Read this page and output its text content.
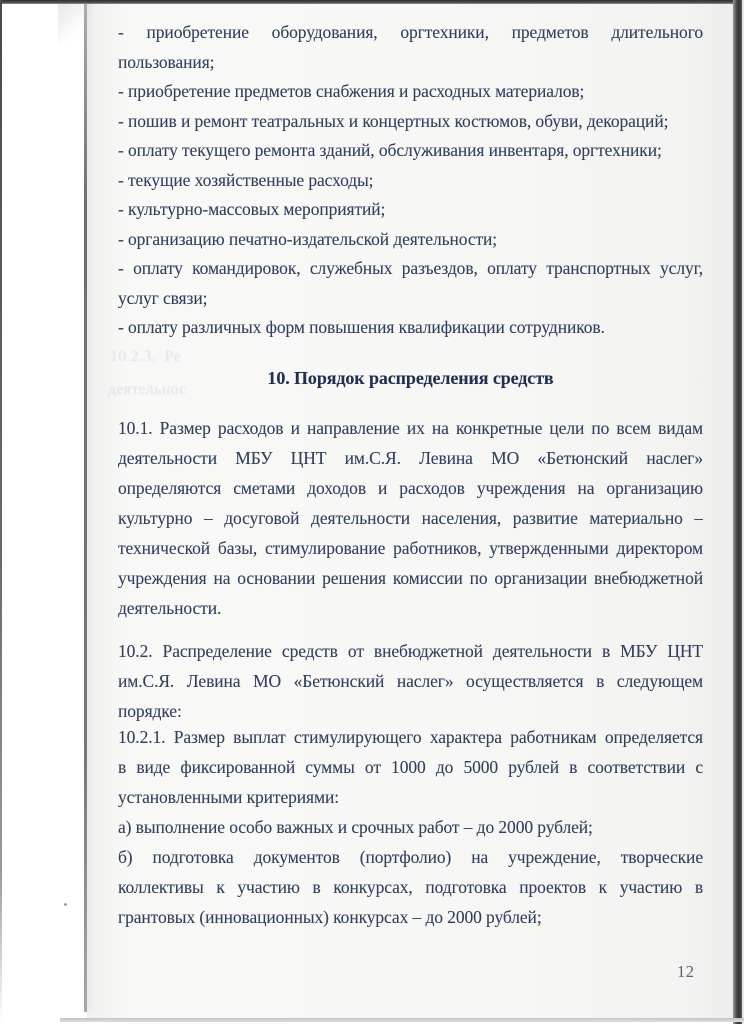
- приобретение оборудования, оргтехники, предметов длительного
пользования;
- приобретение предметов снабжения и расходных материалов;
- пошив и ремонт театральных и концертных костюмов, обуви, декораций;
- оплату текущего ремонта зданий, обслуживания инвентаря, оргтехники;
- текущие хозяйственные расходы;
- культурно-массовых мероприятий;
- организацию печатно-издательской деятельности;
- оплату командировок, служебных разъездов, оплату транспортных услуг,
услуг связи;
- оплату различных форм повышения квалификации сотрудников.
10. Порядок распределения средств
10.1. Размер расходов и направление их на конкретные цели по всем видам
деятельности МБУ ЦНТ им.С.Я. Левина МО «Бетюнский наслег»
определяются сметами доходов и расходов учреждения на организацию
культурно – досуговой деятельности населения, развитие материально –
технической базы, стимулирование работников, утвержденными директором
учреждения на основании решения комиссии по организации внебюджетной
деятельности.
10.2. Распределение средств от внебюджетной деятельности в МБУ ЦНТ
им.С.Я. Левина МО «Бетюнский наслег» осуществляется в следующем
порядке:
10.2.1. Размер выплат стимулирующего характера работникам определяется
в виде фиксированной суммы от 1000 до 5000 рублей в соответствии с
установленными критериями:
а) выполнение особо важных и срочных работ – до 2000 рублей;
б) подготовка документов (портфолио) на учреждение, творческие
коллективы к участию в конкурсах, подготовка проектов к участию в
грантовых (инновационных) конкурсах – до 2000 рублей;
12
10.2.3.  Ре
деятельнос
